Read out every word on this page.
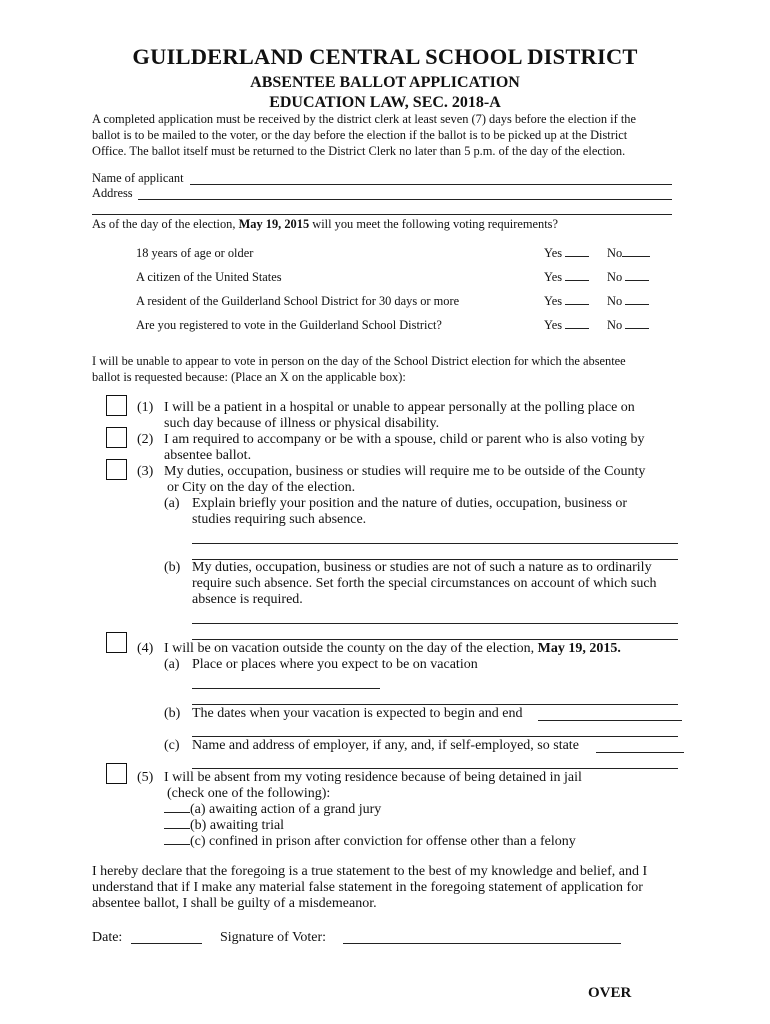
GUILDERLAND CENTRAL SCHOOL DISTRICT
ABSENTEE BALLOT APPLICATION
EDUCATION LAW, SEC. 2018-A
A completed application must be received by the district clerk at least seven (7) days before the election if the
ballot is to be mailed to the voter, or the day before the election if the ballot is to be picked up at the District
Office. The ballot itself must be returned to the District Clerk no later than 5 p.m. of the day of the election.
Name of applicant
Address
As of the day of the election, May 19, 2015 will you meet the following voting requirements?
18 years of age or older	Yes	No
A citizen of the United States	Yes	No
A resident of the Guilderland School District for 30 days or more	Yes	No
Are you registered to vote in the Guilderland School District?	Yes	No
I will be unable to appear to vote in person on the day of the School District election for which the absentee
ballot is requested because: (Place an X on the applicable box):
(1) I will be a patient in a hospital or unable to appear personally at the polling place on
such day because of illness or physical disability.
(2) I am required to accompany or be with a spouse, child or parent who is also voting by
absentee ballot.
(3) My duties, occupation, business or studies will require me to be outside of the County
or City on the day of the election.
(a) Explain briefly your position and the nature of duties, occupation, business or
studies requiring such absence.
(b) My duties, occupation, business or studies are not of such a nature as to ordinarily
require such absence. Set forth the special circumstances on account of which such
absence is required.
(4) I will be on vacation outside the county on the day of the election, May 19, 2015.
(a) Place or places where you expect to be on vacation
(b) The dates when your vacation is expected to begin and end
(c) Name and address of employer, if any, and, if self-employed, so state
(5) I will be absent from my voting residence because of being detained in jail
(check one of the following):
(a) awaiting action of a grand jury
(b) awaiting trial
(c) confined in prison after conviction for offense other than a felony
I hereby declare that the foregoing is a true statement to the best of my knowledge and belief, and I
understand that if I make any material false statement in the foregoing statement of application for
absentee ballot, I shall be guilty of a misdemeanor.
Date:	Signature of Voter:
OVER
